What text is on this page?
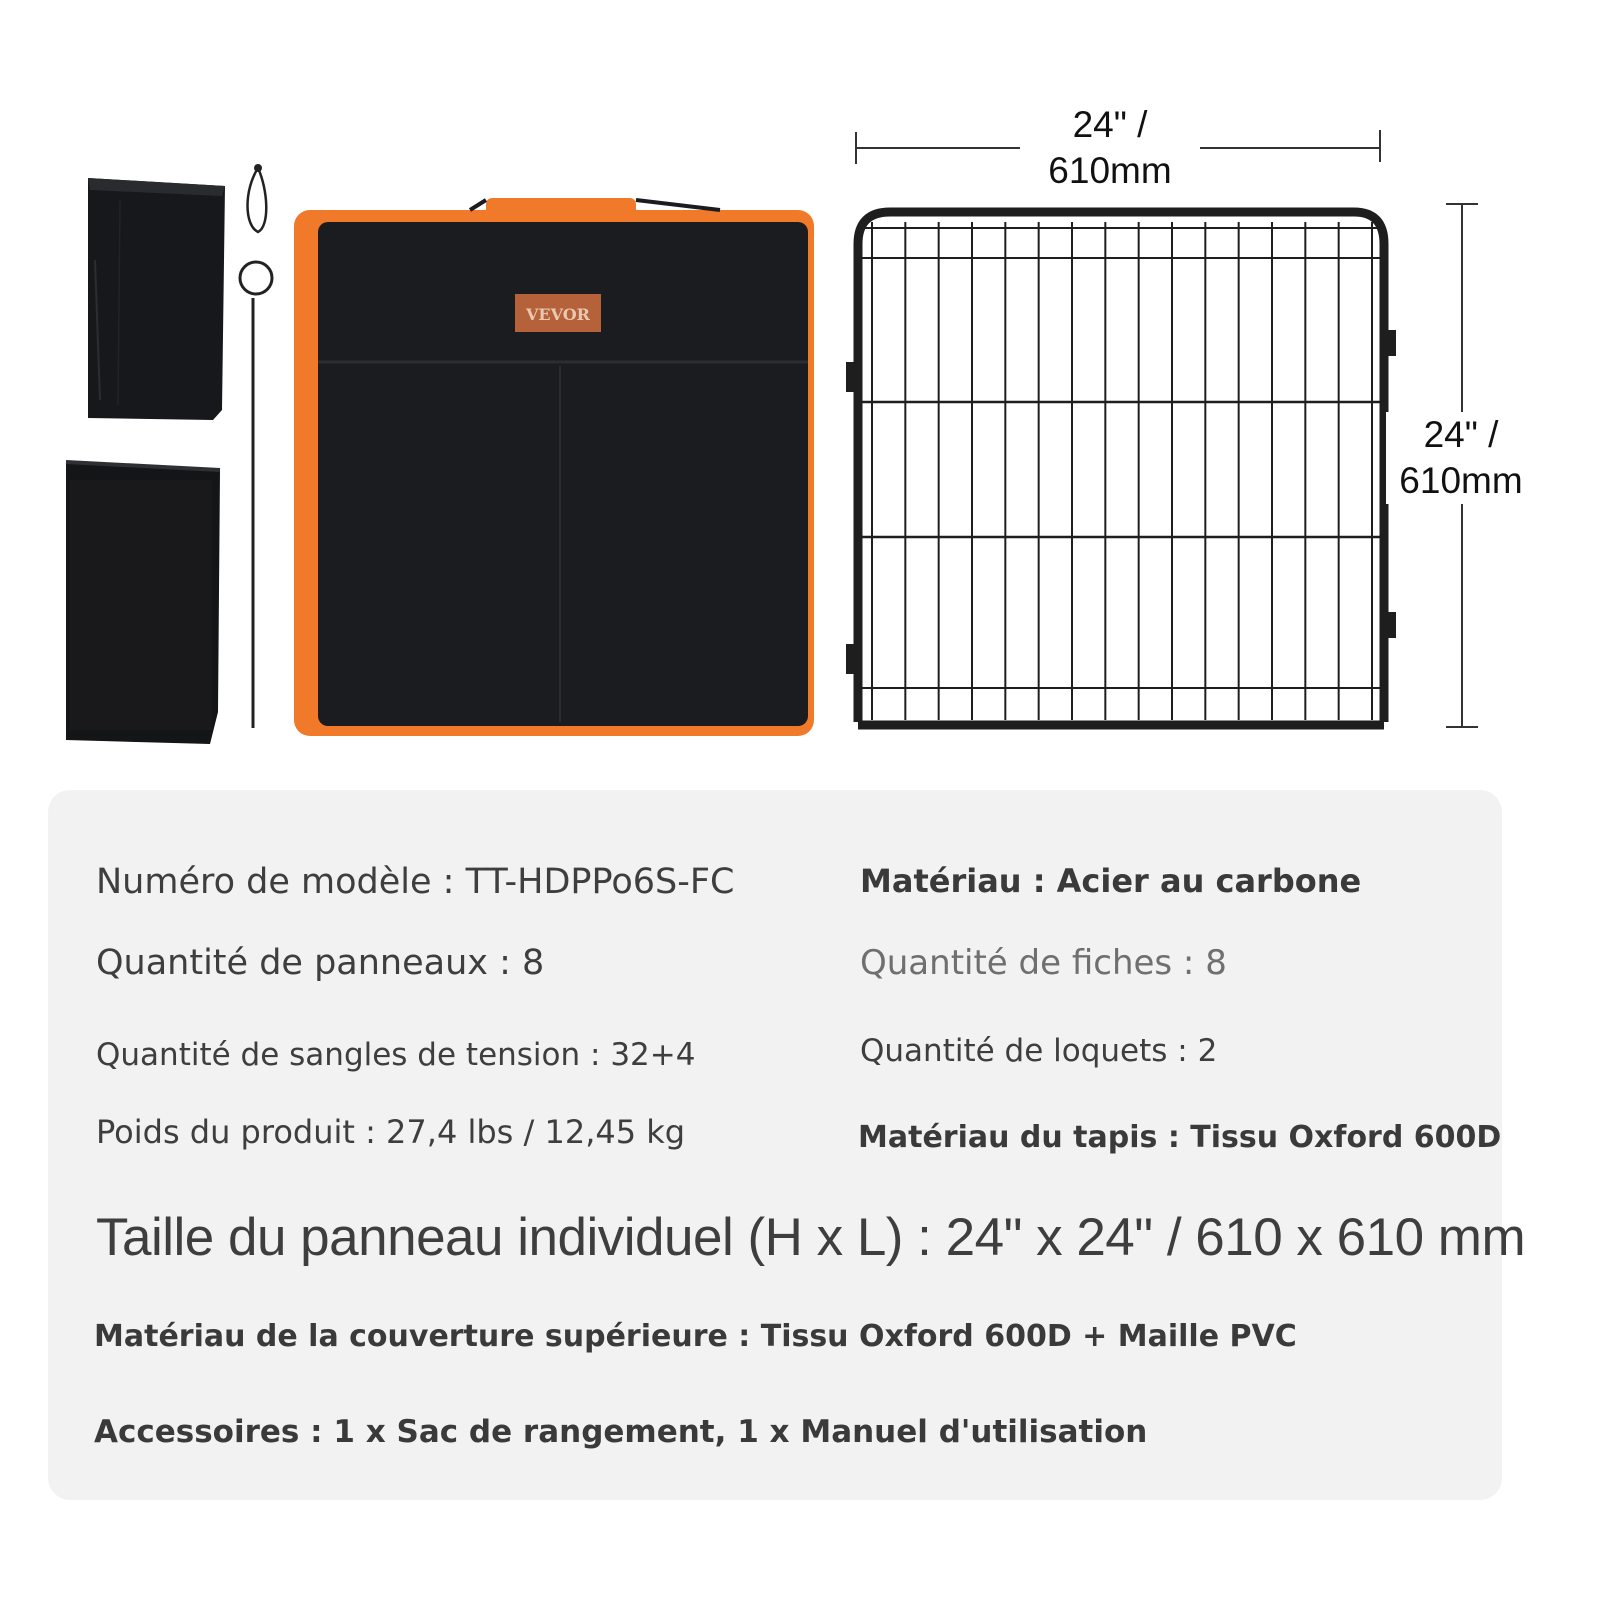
VEVOR
24" / 610mm
24" / 610mm
Numéro de modèle : TT-HDPPo6S-FC	Matériau : Acier au carbone
Quantité de panneaux : 8	Quantité de fiches : 8
Quantité de sangles de tension : 32+4	Quantité de loquets : 2
Poids du produit : 27,4 lbs / 12,45 kg	Matériau du tapis : Tissu Oxford 600D
Taille du panneau individuel (H x L) : 24" x 24" / 610 x 610 mm
Matériau de la couverture supérieure : Tissu Oxford 600D + Maille PVC
Accessoires : 1 x Sac de rangement, 1 x Manuel d'utilisation
